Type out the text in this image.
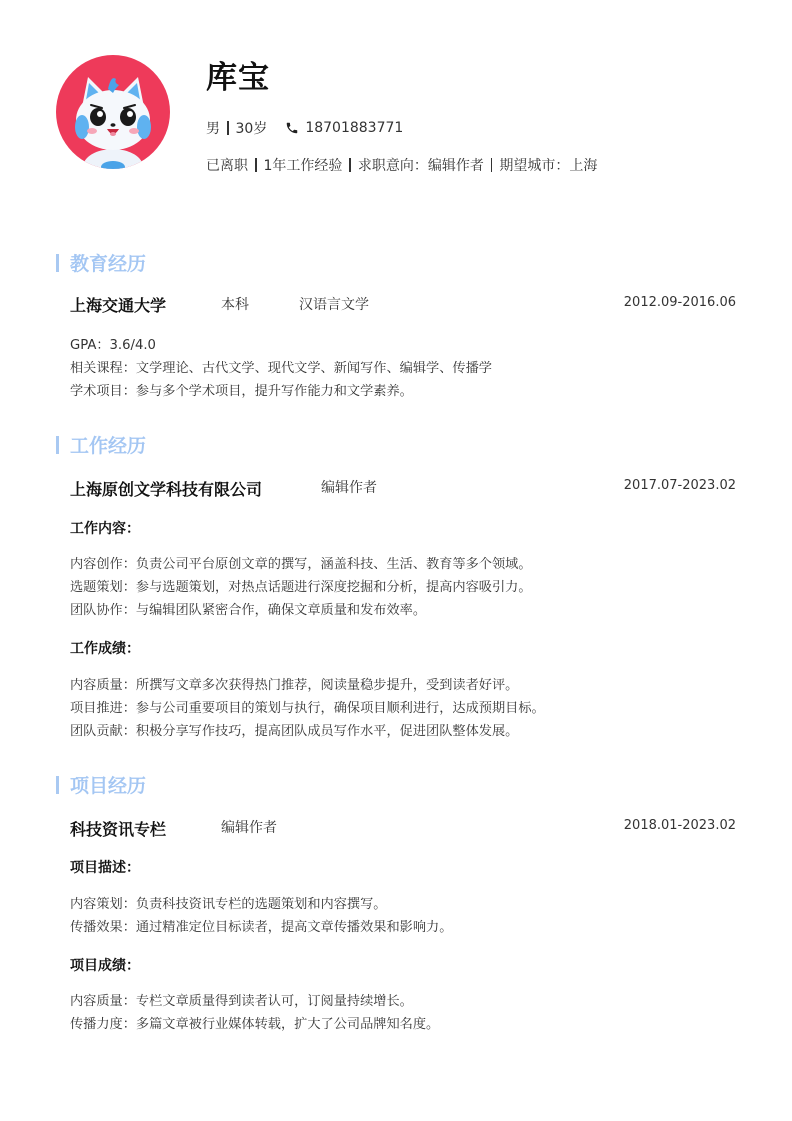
库宝
男 30岁	18701883771
已离职 1年工作经验 求职意向：编辑作者 期望城市：上海
教育经历
上海交通大学	本科	汉语言文学	2012.09-2016.06
GPA：3.6/4.0
相关课程：文学理论、古代文学、现代文学、新闻写作、编辑学、传播学
学术项目：参与多个学术项目，提升写作能力和文学素养。
工作经历
上海原创文学科技有限公司	编辑作者	2017.07-2023.02
工作内容：
内容创作：负责公司平台原创文章的撰写，涵盖科技、生活、教育等多个领域。
选题策划：参与选题策划，对热点话题进行深度挖掘和分析，提高内容吸引力。
团队协作：与编辑团队紧密合作，确保文章质量和发布效率。
工作成绩：
内容质量：所撰写文章多次获得热门推荐，阅读量稳步提升，受到读者好评。
项目推进：参与公司重要项目的策划与执行，确保项目顺利进行，达成预期目标。
团队贡献：积极分享写作技巧，提高团队成员写作水平，促进团队整体发展。
项目经历
科技资讯专栏	编辑作者	2018.01-2023.02
项目描述：
内容策划：负责科技资讯专栏的选题策划和内容撰写。
传播效果：通过精准定位目标读者，提高文章传播效果和影响力。
项目成绩：
内容质量：专栏文章质量得到读者认可，订阅量持续增长。
传播力度：多篇文章被行业媒体转载，扩大了公司品牌知名度。
